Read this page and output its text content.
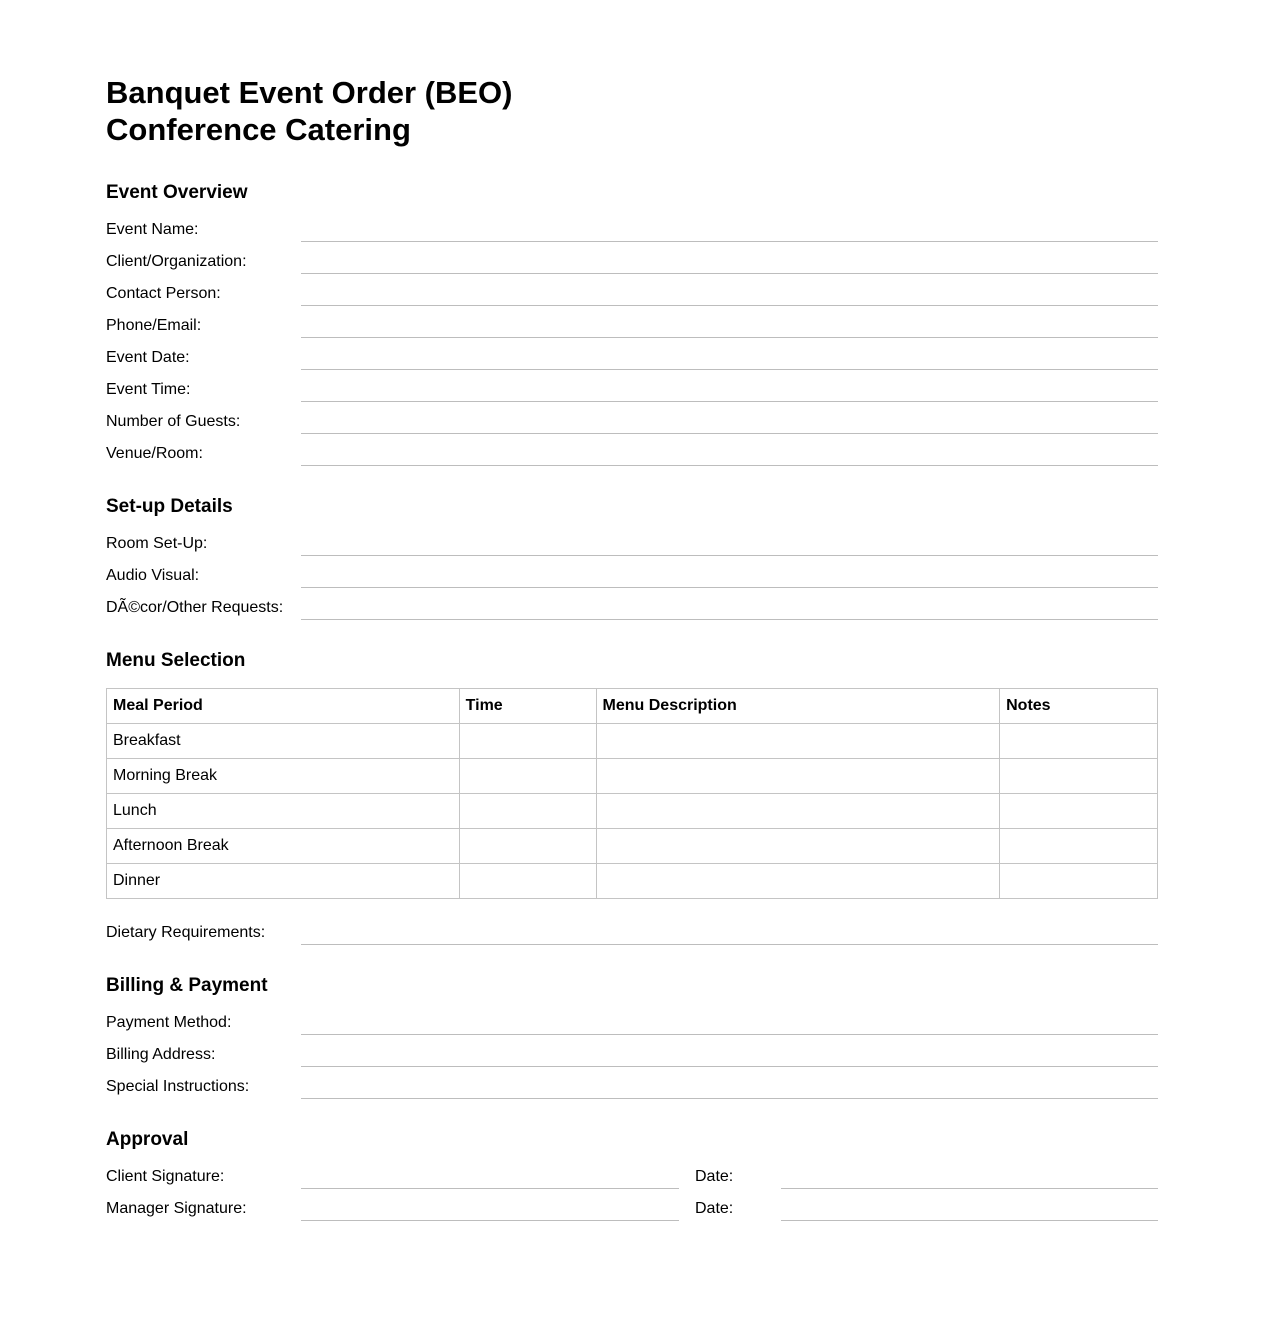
Banquet Event Order (BEO)
Conference Catering
Event Overview
Event Name:
Client/Organization:
Contact Person:
Phone/Email:
Event Date:
Event Time:
Number of Guests:
Venue/Room:
Set-up Details
Room Set-Up:
Audio Visual:
DÃ©cor/Other Requests:
Menu Selection
Meal Period	Time	Menu Description	Notes
Breakfast			
Morning Break			
Lunch			
Afternoon Break			
Dinner			
Dietary Requirements:
Billing & Payment
Payment Method:
Billing Address:
Special Instructions:
Approval
Client Signature:	Date:
Manager Signature:	Date:
